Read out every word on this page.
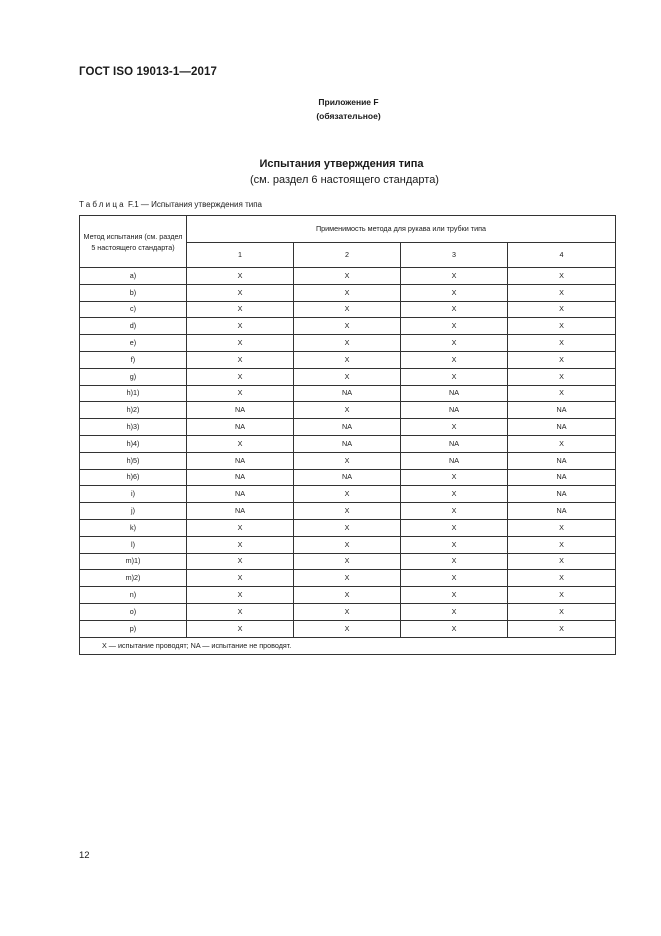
ГОСТ ISO 19013-1—2017
Приложение F
(обязательное)
Испытания утверждения типа
(см. раздел 6 настоящего стандарта)
Таблица F.1 — Испытания утверждения типа
Метод испытания (см. раздел 5 настоящего стандарта)	Применимость метода для рукава или трубки типа			
	1	2	3	4
a)	X	X	X	X
b)	X	X	X	X
c)	X	X	X	X
d)	X	X	X	X
e)	X	X	X	X
f)	X	X	X	X
g)	X	X	X	X
h)1)	X	NA	NA	X
h)2)	NA	X	NA	NA
h)3)	NA	NA	X	NA
h)4)	X	NA	NA	X
h)5)	NA	X	NA	NA
h)6)	NA	NA	X	NA
i)	NA	X	X	NA
j)	NA	X	X	NA
k)	X	X	X	X
l)	X	X	X	X
m)1)	X	X	X	X
m)2)	X	X	X	X
n)	X	X	X	X
o)	X	X	X	X
p)	X	X	X	X
X — испытание проводят; NA — испытание не проводят.				
12
